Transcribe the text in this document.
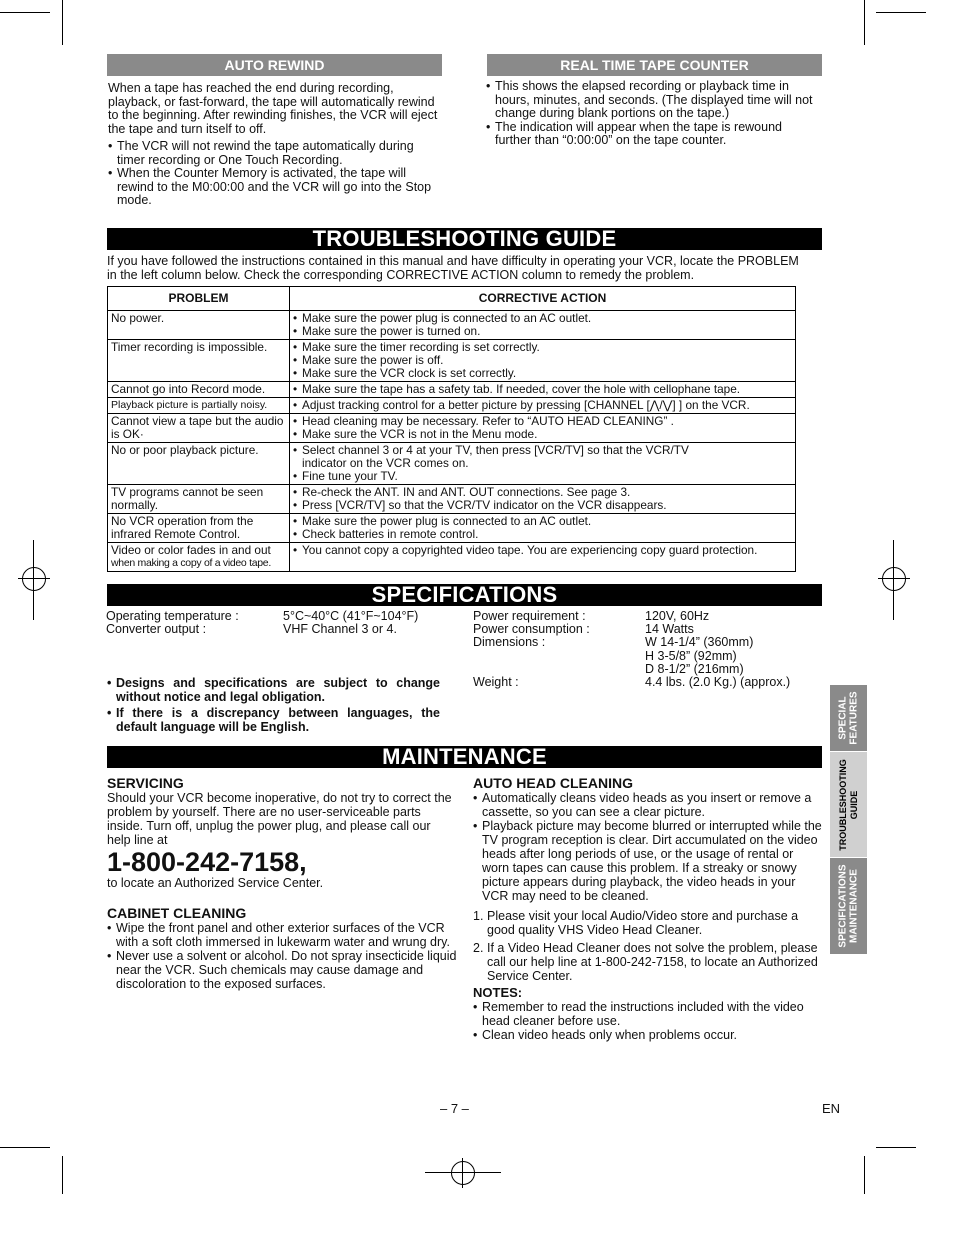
AUTO REWIND

When a tape has reached the end during recording, playback, or fast-forward, the tape will automatically rewind to the beginning. After rewinding finishes, the VCR will eject the tape and turn itself to off.

• The VCR will not rewind the tape automatically during timer recording or One Touch Recording.
• When the Counter Memory is activated, the tape will rewind to the M0:00:00 and the VCR will go into the Stop mode.
REAL TIME TAPE COUNTER
• This shows the elapsed recording or playback time in hours, minutes, and seconds. (The displayed time will not change during blank portions on the tape.)
• The indication will appear when the tape is rewound further than “0:00:00” on the tape counter.
TROUBLESHOOTING GUIDE
If you have followed the instructions contained in this manual and have difficulty in operating your VCR, locate the PROBLEM in the left column below. Check the corresponding CORRECTIVE ACTION column to remedy the problem.
PROBLEM	CORRECTIVE ACTION
No power.	• Make sure the power plug is connected to an AC outlet.
• Make sure the power is turned on.

Timer recording is impossible.	• Make sure the timer recording is set correctly.
• Make sure the power is off.
• Make sure the VCR clock is set correctly.

Cannot go into Record mode.	• Make sure the tape has a safety tab. If needed, cover the hole with cellophane tape.

Playback picture is partially noisy.	• Adjust tracking control for a better picture by pressing [CHANNEL [⋀/⋁] ] on the VCR.

Cannot view a tape but the audio is OK·	• Head cleaning may be necessary. Refer to “AUTO HEAD CLEANING” .
• Make sure the VCR is not in the Menu mode.

No or poor playback picture.	• Select channel 3 or 4 at your TV, then press [VCR/TV] so that the VCR/TV indicator on the VCR comes on.
• Fine tune your TV.

TV programs cannot be seen normally.	• Re-check the ANT. IN and ANT. OUT connections. See page 3.
• Press [VCR/TV] so that the VCR/TV indicator on the VCR disappears.

No VCR operation from the infrared Remote Control.	• Make sure the power plug is connected to an AC outlet.
• Check batteries in remote control.

Video or color fades in and out
when making a copy of a video tape.	• You cannot copy a copyrighted video tape. You are experiencing copy guard protection.
SPECIFICATIONS
Operating temperature :	5°C~40°C (41°F~104°F)
Converter output :	VHF Channel 3 or 4.
Power requirement :	120V, 60Hz
Power consumption :	14 Watts
Dimensions :	W 14-1/4” (360mm)
H 3-5/8” (92mm)
D 8-1/2” (216mm)
Weight :	4.4 lbs. (2.0 Kg.) (approx.)
• Designs and specifications are subject to change without notice and legal obligation.
• If there is a discrepancy between languages, the default language will be English.
MAINTENANCE
SERVICING

Should your VCR become inoperative, do not try to correct the problem by yourself. There are no user-serviceable parts inside. Turn off, unplug the power plug, and please call our help line at

1-800-242-7158,

to locate an Authorized Service Center.

CABINET CLEANING
• Wipe the front panel and other exterior surfaces of the VCR with a soft cloth immersed in lukewarm water and wrung dry.
• Never use a solvent or alcohol. Do not spray insecticide liquid near the VCR. Such chemicals may cause damage and discoloration to the exposed surfaces.
AUTO HEAD CLEANING
• Automatically cleans video heads as you insert or remove a cassette, so you can see a clear picture.
• Playback picture may become blurred or interrupted while the TV program reception is clear. Dirt accumulated on the video heads after long periods of use, or the usage of rental or worn tapes can cause this problem. If a streaky or snowy picture appears during playback, the video heads in your VCR may need to be cleaned.
1. Please visit your local Audio/Video store and purchase a good quality VHS Video Head Cleaner.
2. If a Video Head Cleaner does not solve the problem, please call our help line at 1-800-242-7158, to locate an Authorized Service Center.
NOTES:
• Remember to read the instructions included with the video head cleaner before use.
• Clean video heads only when problems occur.
SPECIAL FEATURES
TROUBLESHOOTING GUIDE
SPECIFICATIONS MAINTENANCE
– 7 –	EN
